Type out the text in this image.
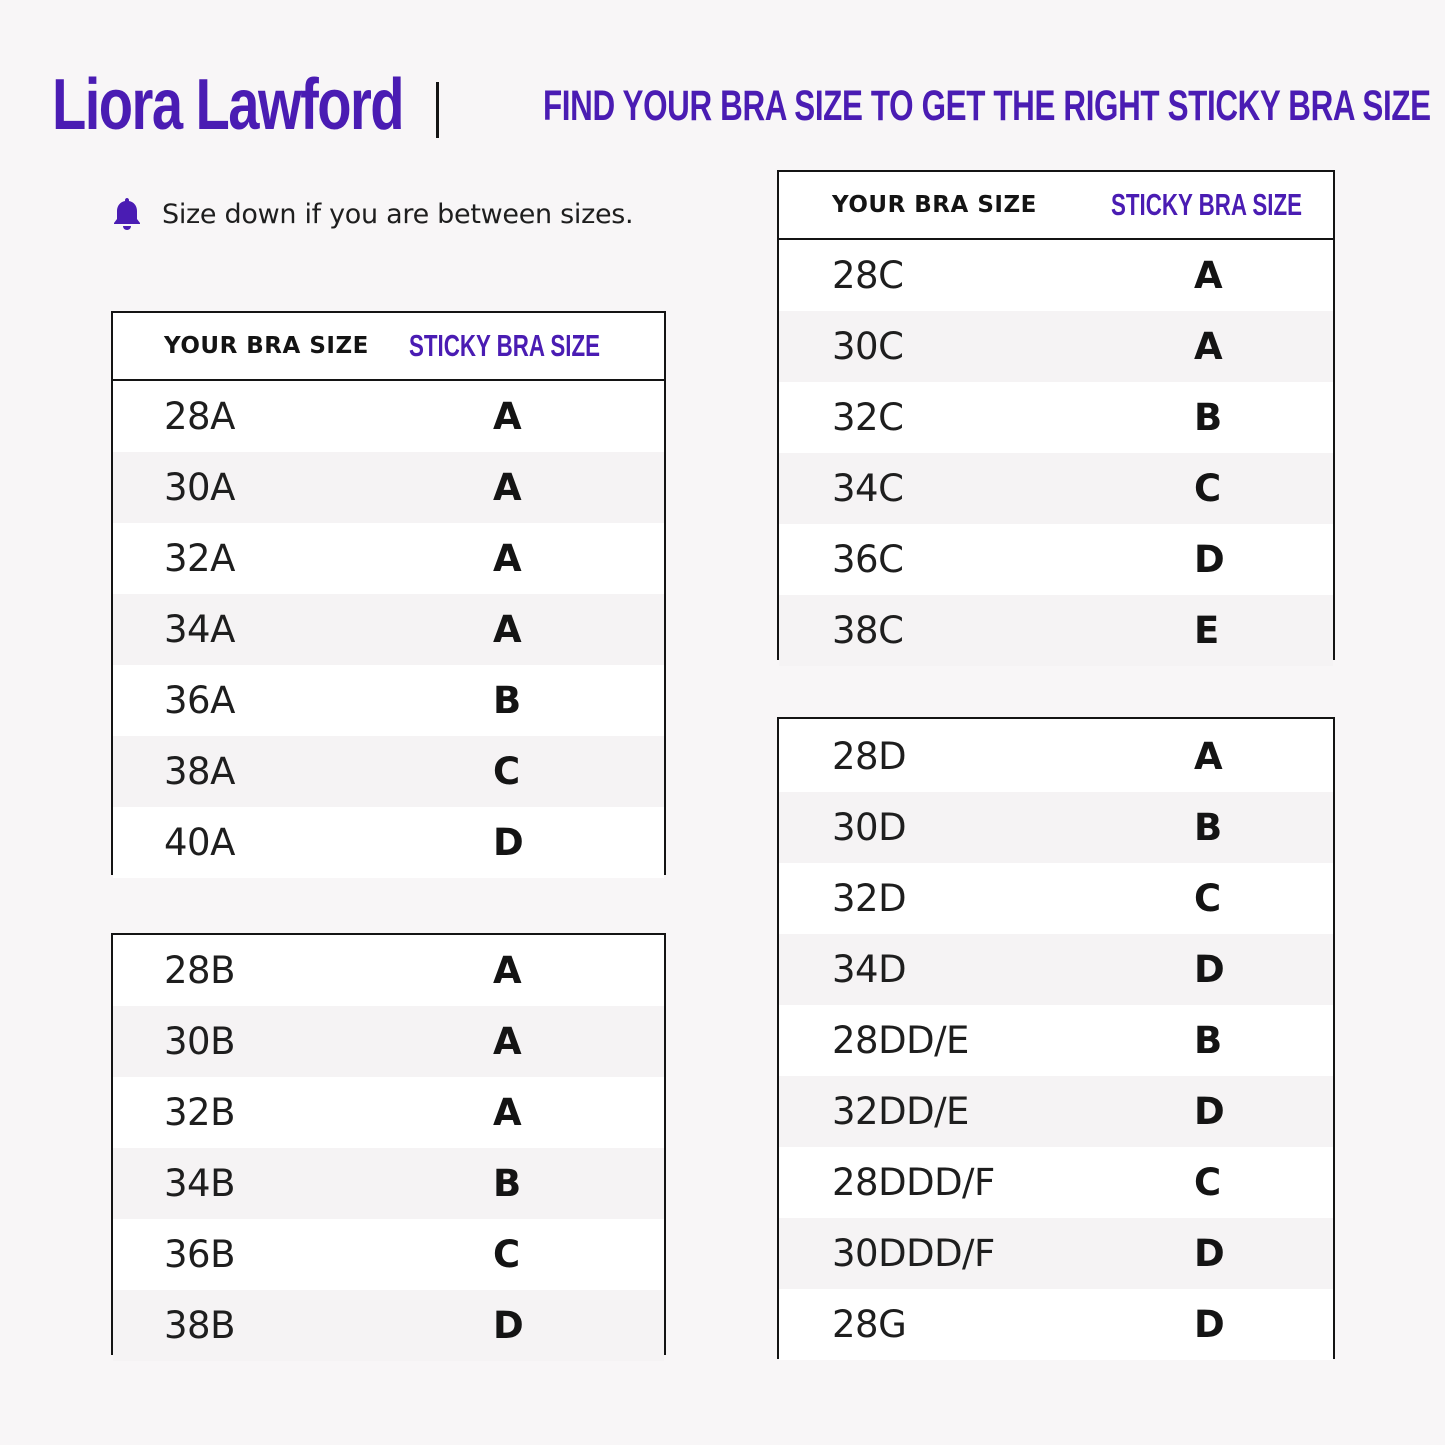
Liora Lawford	FIND YOUR BRA SIZE TO GET THE RIGHT STICKY BRA SIZE
Size down if you are between sizes.
YOUR BRA SIZE STICKY BRA SIZE
28A	A
30A	A
32A	A
34A	A
36A	B
38A	C
40A	D
28B	A
30B	A
32B	A
34B	B
36B	C
38B	D
YOUR BRA SIZE STICKY BRA SIZE
28C	A
30C	A
32C	B
34C	C
36C	D
38C	E
28D	A
30D	B
32D	C
34D	D
28DD/E	B
32DD/E	D
28DDD/F	C
30DDD/F	D
28G	D
